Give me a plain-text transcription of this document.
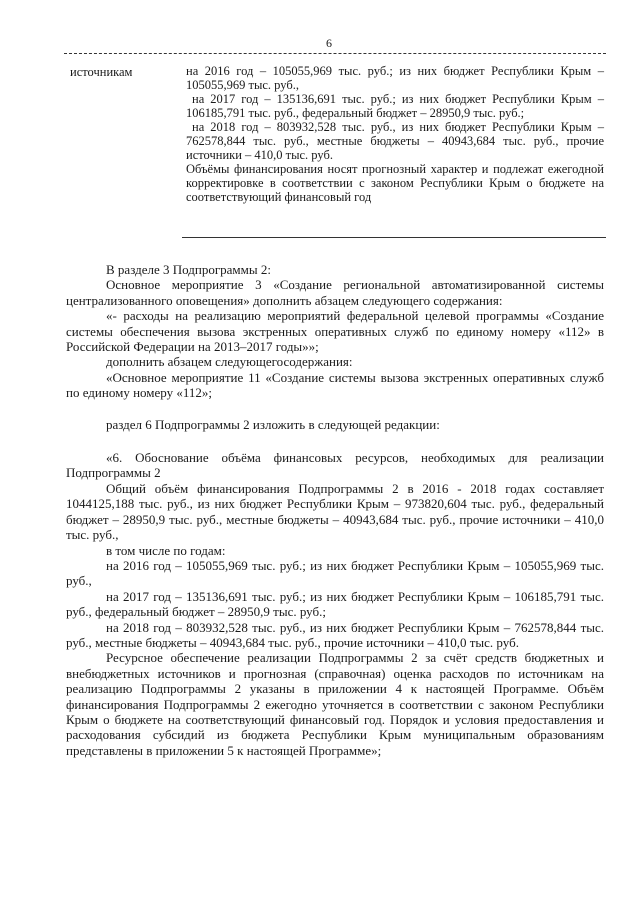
6
источникам	на 2016 год – 105055,969 тыс. руб.; из них бюджет Республики Крым – 105055,969 тыс. руб.,

на 2017 год – 135136,691 тыс. руб.; из них бюджет Республики Крым – 106185,791 тыс. руб., федеральный бюджет – 28950,9 тыс. руб.;

на 2018 год – 803932,528 тыс. руб., из них бюджет Республики Крым – 762578,844 тыс. руб., местные бюджеты – 40943,684 тыс. руб., прочие источники – 410,0 тыс. руб.

Объёмы финансирования носят прогнозный характер и подлежат ежегодной корректировке в соответствии с законом Республики Крым о бюджете на соответствующий финансовый год

В разделе 3 Подпрограммы 2:

Основное мероприятие 3 «Создание региональной автоматизированной системы централизованного оповещения» дополнить абзацем следующего содержания:

«- расходы на реализацию мероприятий федеральной целевой программы «Создание системы обеспечения вызова экстренных оперативных служб по единому номеру «112» в Российской Федерации на 2013–2017 годы»»;

дополнить абзацем следующегосодержания:

«Основное мероприятие 11 «Создание системы вызова экстренных оперативных служб по единому номеру «112»;

раздел 6 Подпрограммы 2 изложить в следующей редакции:

«6. Обоснование объёма финансовых ресурсов, необходимых для реализации Подпрограммы 2

Общий объём финансирования Подпрограммы 2 в 2016 - 2018 годах составляет 1044125,188 тыс. руб., из них бюджет Республики Крым – 973820,604 тыс. руб., федеральный бюджет – 28950,9 тыс. руб., местные бюджеты – 40943,684 тыс. руб., прочие источники – 410,0 тыс. руб.,

в том числе по годам:

на 2016 год – 105055,969 тыс. руб.; из них бюджет Республики Крым – 105055,969 тыс. руб.,

на 2017 год – 135136,691 тыс. руб.; из них бюджет Республики Крым – 106185,791 тыс. руб., федеральный бюджет – 28950,9 тыс. руб.;

на 2018 год – 803932,528 тыс. руб., из них бюджет Республики Крым – 762578,844 тыс. руб., местные бюджеты – 40943,684 тыс. руб., прочие источники – 410,0 тыс. руб.

Ресурсное обеспечение реализации Подпрограммы 2 за счёт средств бюджетных и внебюджетных источников и прогнозная (справочная) оценка расходов по источникам на реализацию Подпрограммы 2 указаны в приложении 4 к настоящей Программе. Объём финансирования Подпрограммы 2 ежегодно уточняется в соответствии с законом Республики Крым о бюджете на соответствующий финансовый год. Порядок и условия предоставления и расходования субсидий из бюджета Республики Крым муниципальным образованиям представлены в приложении 5 к настоящей Программе»;
